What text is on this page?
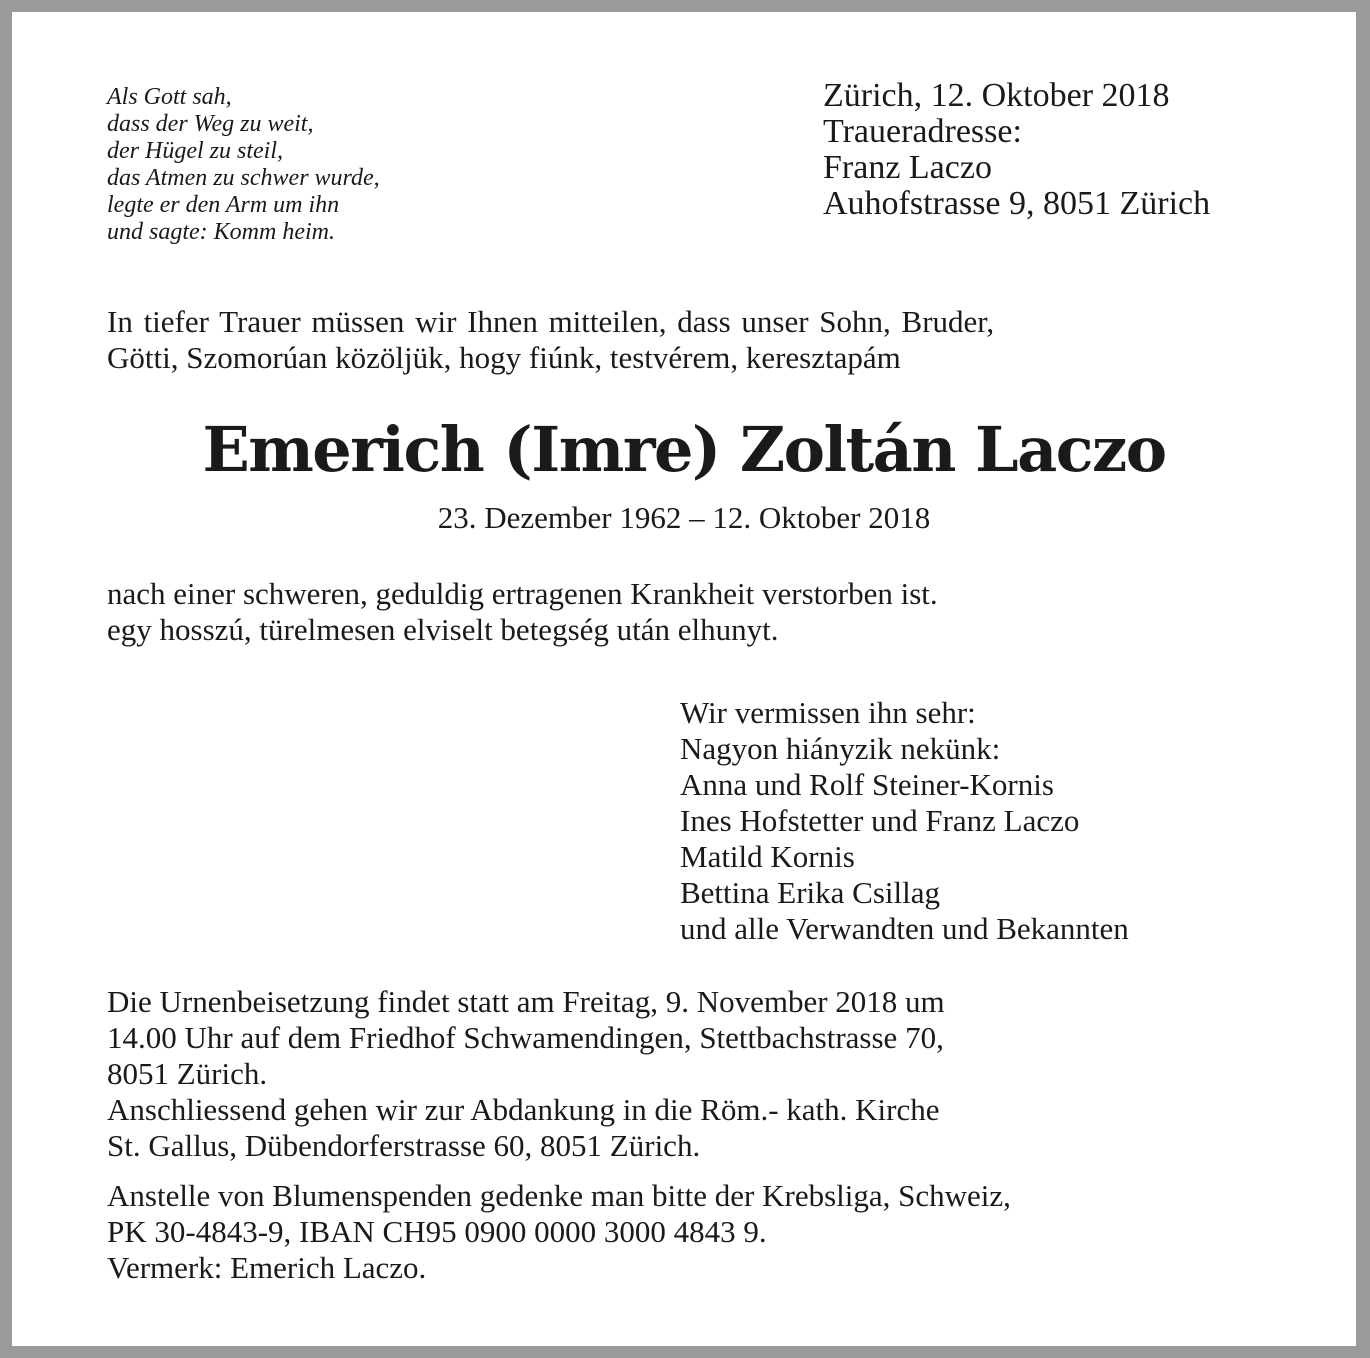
Als Gott sah,

dass der Weg zu weit,

der Hügel zu steil,

das Atmen zu schwer wurde,

legte er den Arm um ihn

und sagte: Komm heim.

Zürich, 12. Oktober 2018

Traueradresse:

Franz Laczo

Auhofstrasse 9, 8051 Zürich

In tiefer Trauer müssen wir Ihnen mitteilen, dass unser Sohn, Bruder,

Götti, Szomorúan közöljük, hogy fiúnk, testvérem, keresztapám

Emerich (Imre) Zoltán Laczo
23. Dezember 1962 – 12. Oktober 2018

nach einer schweren, geduldig ertragenen Krankheit verstorben ist.

egy hosszú, türelmesen elviselt betegség után elhunyt.

Wir vermissen ihn sehr:

Nagyon hiányzik nekünk:

Anna und Rolf Steiner-Kornis

Ines Hofstetter und Franz Laczo

Matild Kornis

Bettina Erika Csillag

und alle Verwandten und Bekannten

Die Urnenbeisetzung findet statt am Freitag, 9. November 2018 um

14.00 Uhr auf dem Friedhof Schwamendingen, Stettbachstrasse 70,

8051 Zürich.

Anschliessend gehen wir zur Abdankung in die Röm.- kath. Kirche

St. Gallus, Dübendorferstrasse 60, 8051 Zürich.

Anstelle von Blumenspenden gedenke man bitte der Krebsliga, Schweiz,

PK 30-4843-9, IBAN CH95 0900 0000 3000 4843 9.

Vermerk: Emerich Laczo.
